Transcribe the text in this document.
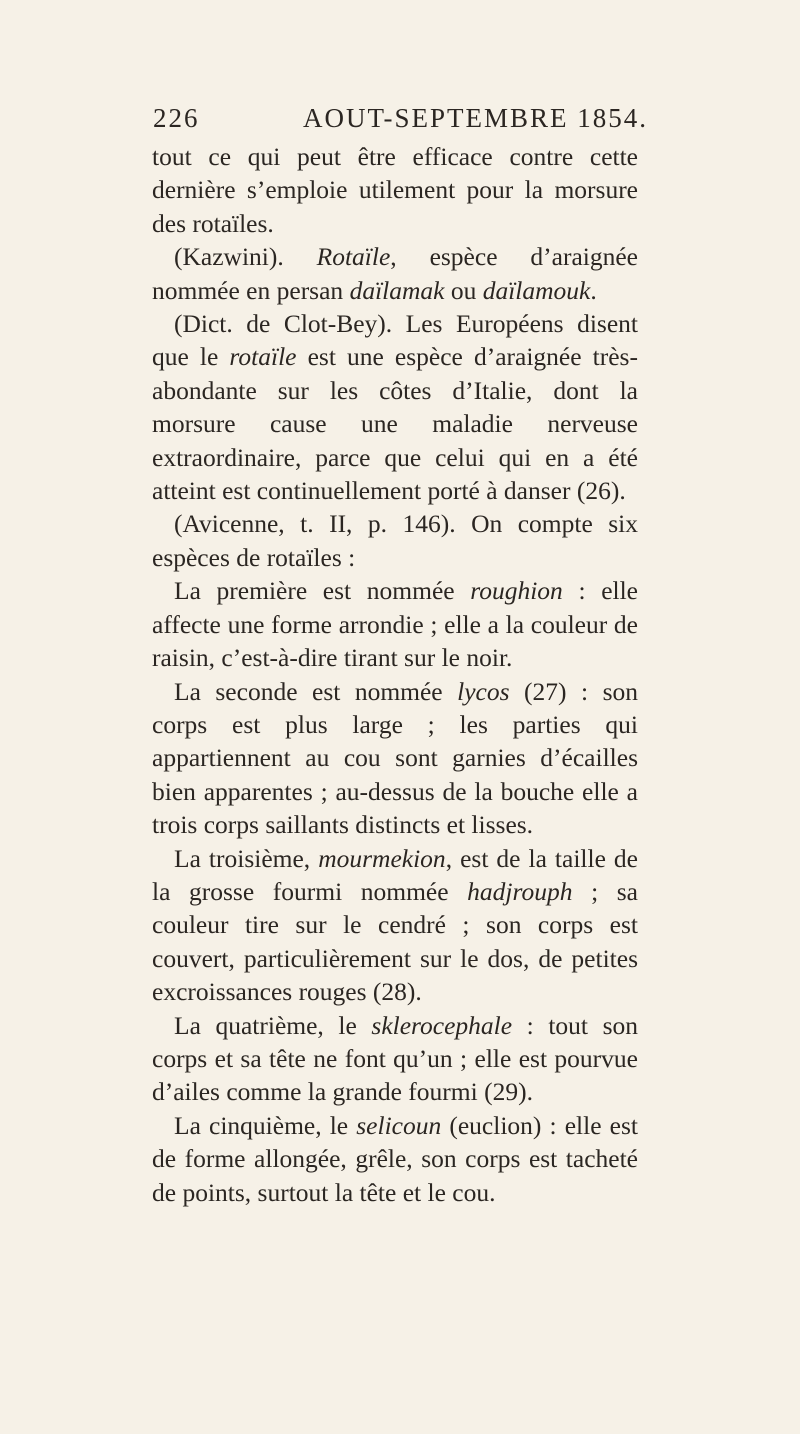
226	AOUT-SEPTEMBRE 1854.

tout ce qui peut être efficace contre cette dernière s’emploie utilement pour la morsure des rotaïles.

(Kazwini). Rotaïle, espèce d’araignée nommée en persan daïlamak ou daïlamouk.

(Dict. de Clot-Bey). Les Européens disent que le rotaïle est une espèce d’araignée très-abondante sur les côtes d’Italie, dont la morsure cause une maladie nerveuse extraordinaire, parce que celui qui en a été atteint est continuellement porté à danser (26).

(Avicenne, t. II, p. 146). On compte six espèces de rotaïles :

La première est nommée roughion : elle affecte une forme arrondie ; elle a la couleur de raisin, c’est-à-dire tirant sur le noir.

La seconde est nommée lycos (27) : son corps est plus large ; les parties qui appartiennent au cou sont garnies d’écailles bien apparentes ; au-dessus de la bouche elle a trois corps saillants distincts et lisses.

La troisième, mourmekion, est de la taille de la grosse fourmi nommée hadjrouph ; sa couleur tire sur le cendré ; son corps est couvert, particulièrement sur le dos, de petites excroissances rouges (28).

La quatrième, le sklerocephale : tout son corps et sa tête ne font qu’un ; elle est pourvue d’ailes comme la grande fourmi (29).

La cinquième, le selicoun (euclion) : elle est de forme allongée, grêle, son corps est tacheté de points, surtout la tête et le cou.
